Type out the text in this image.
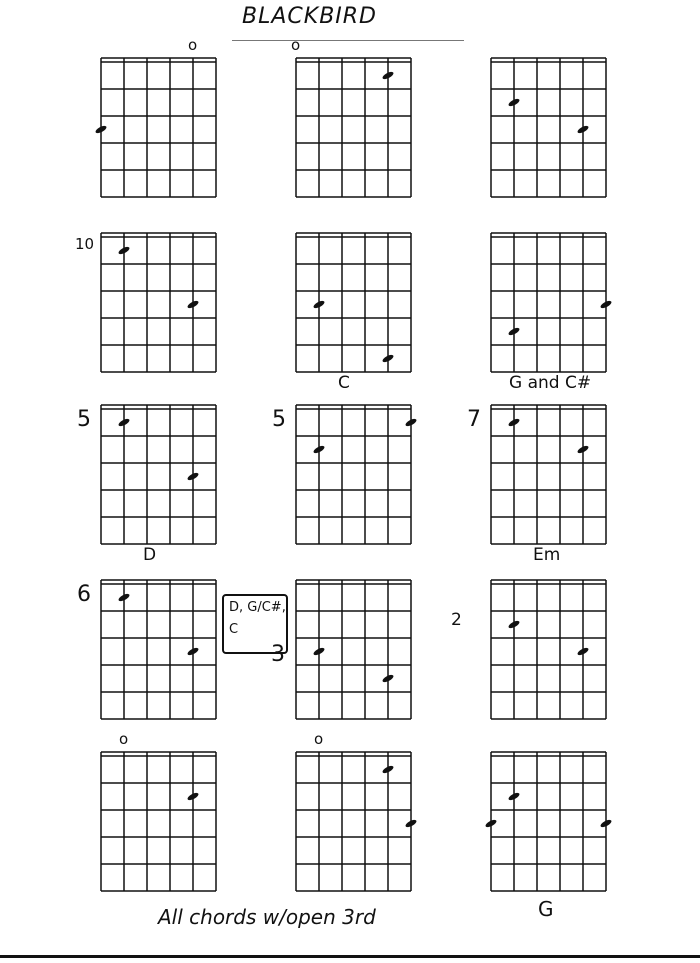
BLACKBIRD
o	o
10
C	G and C#
5
D
5	7
Em
6
3
2
o	o
D, G/C#,
C
All chords w/open 3rd	G
